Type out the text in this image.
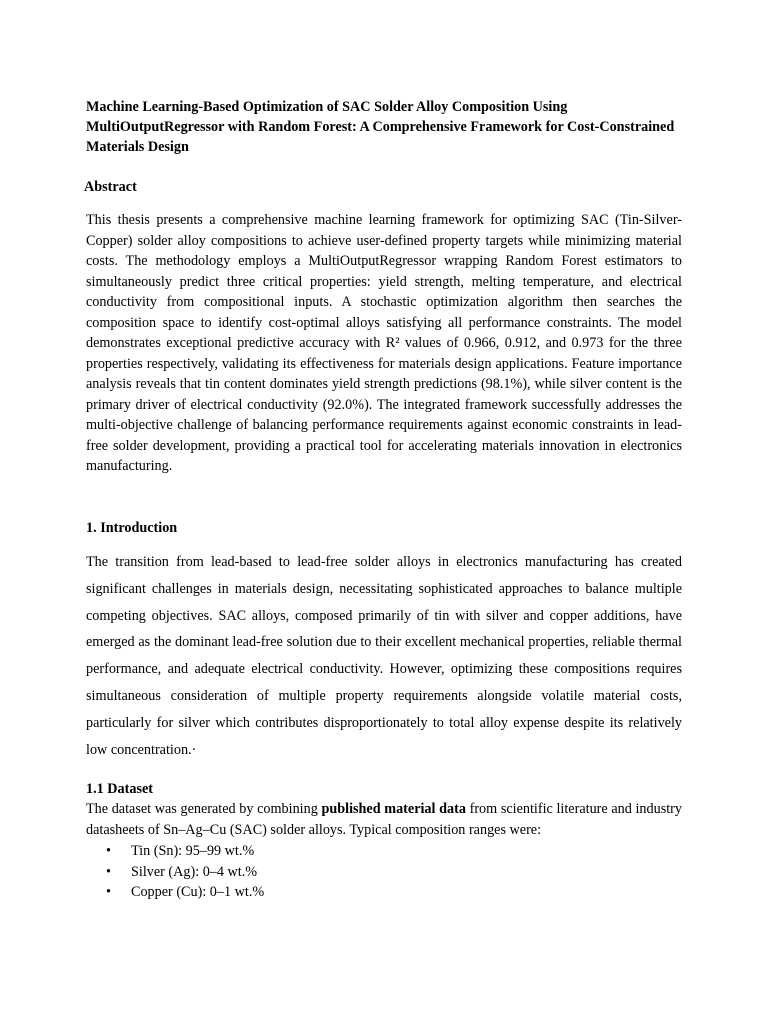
Machine Learning-Based Optimization of SAC Solder Alloy Composition Using MultiOutputRegressor with Random Forest: A Comprehensive Framework for Cost-Constrained Materials Design
Abstract

This thesis presents a comprehensive machine learning framework for optimizing SAC (Tin-Silver-Copper) solder alloy compositions to achieve user-defined property targets while minimizing material costs. The methodology employs a MultiOutputRegressor wrapping Random Forest estimators to simultaneously predict three critical properties: yield strength, melting temperature, and electrical conductivity from compositional inputs. A stochastic optimization algorithm then searches the composition space to identify cost-optimal alloys satisfying all performance constraints. The model demonstrates exceptional predictive accuracy with R² values of 0.966, 0.912, and 0.973 for the three properties respectively, validating its effectiveness for materials design applications. Feature importance analysis reveals that tin content dominates yield strength predictions (98.1%), while silver content is the primary driver of electrical conductivity (92.0%). The integrated framework successfully addresses the multi-objective challenge of balancing performance requirements against economic constraints in lead-free solder development, providing a practical tool for accelerating materials innovation in electronics manufacturing.

1. Introduction

The transition from lead-based to lead-free solder alloys in electronics manufacturing has created significant challenges in materials design, necessitating sophisticated approaches to balance multiple competing objectives. SAC alloys, composed primarily of tin with silver and copper additions, have emerged as the dominant lead-free solution due to their excellent mechanical properties, reliable thermal performance, and adequate electrical conductivity. However, optimizing these compositions requires simultaneous consideration of multiple property requirements alongside volatile material costs, particularly for silver which contributes disproportionately to total alloy expense despite its relatively low concentration.·

1.1 Dataset

The dataset was generated by combining published material data from scientific literature and industry datasheets of Sn–Ag–Cu (SAC) solder alloys. Typical composition ranges were:

• Tin (Sn): 95–99 wt.%
• Silver (Ag): 0–4 wt.%
• Copper (Cu): 0–1 wt.%
